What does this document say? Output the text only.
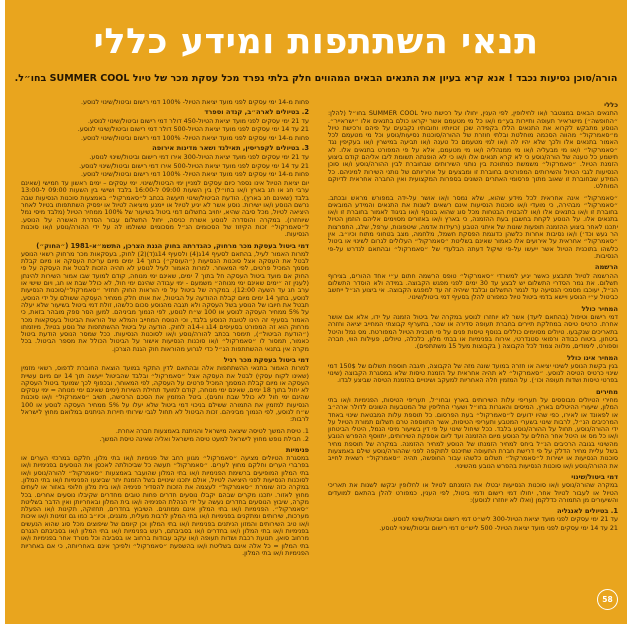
תנאי השתתפות ומידע כללי
הורה/סוכן נסיעות נכבד ! אנא קרא בעיון את התנאים הבאים המהווים חלק בלתי נפרד מכל עסקת מכר של טיול SUMMER COOL בחו״ל.
כללי
התנאים הבאים במצטבר ו/או לחילופין, לפי הענין, יחולו על רכישת טיול SUMMER COOL בחו״ל (להלן: ״החופשה״) מישראייר תעופה ותיירות בע״מ ו/או כל מי מטעמם אשר יקראו כולם בתנאים אלו ״ישראייר״. הנוסע מתבקש לקרוא את התנאים הללו בקפידה שכן זכויותיו וחובותיו נקבעים על פיהם ורכישת טיול מ״סאמרקול״ מהווה הסכמה מוחלטת ובלתי חוזרת של ההורה/סוכנות נסיעות/נוסע וכל מי מטעמם לכל האמור בתנאים אלו ולכך שלא יהיו לה ו/או למי מטעמם כל טענה ו/או תביעה במישרין ו/או בעקיפין נגד ״סאמרקול״ ו/או מי מבעליה ו/או מי ממנהליה ו/או מי מטעמם, אלא על פי המפורט בתנאים אלו. לא תישמע כל טענה של הורה/נוסע כי לא קרא תנאים אלו ו/או כי לא הופנתה תשומת ליבו אליהם קודם ביצוע הזמנת הטיול. ״סאמרקול״ משמשת כמתווכת בין נותני השירותים שבחוברת לבין ההורה/נוסע ו/או סוכן הנסיעות לגבי הטיול והשירותים המפורטים בחוברת זו ומבצעים על אחריותם של נותני השירות למיניהם. כל המידע שבחוברת זו שאוב מתוך פרסומי האתרים השונים בספרות המקצועית ואין החברה אחראית לדיוקם המוחלט.
״סאמרקול״ אינה אחראית לכל מידע שהוא, שלא נמסר ו/או אושר על-ידה במפורש מראש ובכתב. ״סאמרקול״ מבהירה, כי מועדי ו/או סוכנות הנסיעות אינם רשאים לשנות את התנאים והמידע המובאים בחוברת זו ו/או בתנאים אלו ו/או להבטיח הבטחות מכל סוג שהוא בנוסף ו/או בניגוד לאמור בחוברת זו ו/או בתנאים אלו. על הנוסע לקחת בחשבון בעת ההזמנה, כי בארץ ו/או באזורים מסוימים אליהם הוזמן הטיול יתכנו לאחר ביצוע ההזמנה תופעות שונות של איתני הטבע (רעידות אדמה, שיטפונות, ערפל, שלג, התפרצות הר געש וכד׳) ו/או נסיבות אחרות כלשהן כדוגמת הפסקת חשמל, מלחמה, מצב בטחוני מתוח וכיו״ב. אין ״סאמרקול״ אחראית על אירועים אלו כאמור שאינם בשליטת ״סאמרקול״ העלולים לגרום לשינוי או ביטול כלשהו בתוכנית הטיול אשר ייעשו על-פי שיקול דעתה הבלעדי של ״סאמרקול״ ובהתאם לנדרש על-פי הנסיבות.
הרשמה
ההרשמה לטיול תתבצע כאשר יגיע למשרדי ״סאמרקול״ טופס הרשמה חתום ע״י אחד ההורים, בצירוף תשלום. את גמר הסדרי התשלום יש לבצע עד 30 ימים לפני מפגש הקבוצה. במידה ולא הוסדר התשלום הנ״ל, יעוכבו מסמכי הנסיעה עד לגמר התשלום ובלבד שיהיה זה עד למפגש הקבוצה. אי ביצוע הנ״ל ייחשב כביטול ע״י הנוסע ויישא בדמי ביטול טיול כמפורט להלן בסעיף דמי ביטול/שינוי.
המחיר כולל
דמי רישום וטיפול (בהתאם ליעד) אשר לא יוחזרו לנוסע במקרה של ביטול הזמנה על ידו, אלא אם אושר אחרת. כרטיס טיסה במחלקת תיירים בחברת תעופה סדירה או שכר, בתעריף קבוצתי המחייב יציאה וחזרה בתאריכים שנקבעו. טיולים מסוימים כוללים בנוסף טיסות פנים על פי תוכנית הטיול המפורטת. מס נמל והיטל ביטחון, ביטוח כבודה ורפואי סטנדרטי, אירוח בפנימיות או בבתי מלון, כלכלה, טיולים, פעילות הווי, חברה וספורט, לימודים, מלווה צמוד לכל הקבוצה ( בקבוצות מעל 15 משתתפים).
המחיר אינו כולל
בגין בקשת הנוסע לשינוי יציאה או חזרה במועד שונה מזה של הקבוצה, תיגבה תוספת תשלום של 150$ דמי שינוי כרטיס הטיסה לנוסע. ״סאמרקול״ לא תהיה אחראית על הזמנת טיסות שלא במסגרת הקבוצה (שינוי בפרטי טיסות ושדות תעופה וכו׳). על המזמין חלה האחריות למעקב ושינויים בהזמנת הטיסה שביצע לבדו.
מחירים
מחירי הטיולים מבוססים על תעריפי עלות השירותים בארץ ובחו״ל, תעריפי הטיסות, הפנימיות ו/או בתי המלון, שיעורי ההיטלים בארץ, המיסים והאגרות בחו״ל ושערי החליפין של המטבעות השונים לדולר ארה״ב או לפאונד או לאירו, כפי שהיו ידועים ל״סאמרקול״ בעת הפרסום. כל תוספת עלות המבטאת שינוי באחד המרכיבים הנ״ל, לרבות שינוי בשערי המטבע ותעריפי הטיסות, אשר התווספה טרם תשלום תמורת הטיול על ידי ההורה/נוסע, תחול על ההורה/נוסע בלבד. ככל שיחול שינוי על פי דין בשיעור מיסי הנמל, היטלי הביטחון ו/או כל מס או היטל אחר החלים על הנוסע מיום ההזמנה ועד ליום אספקת השירותים, יתווסף ההפרש הנובע מהשינוי בגובה הרכיבים הנ״ל ביחס למחיר הזמנתו של הנוסע למחיר ההזמנה. במקרה של תוספת מחיר בשל עליית מחיר הדלק על פי דרישת חברת התעופה שתיכנס לתוקפה לפני שההורה/נוסע שילם באמצעות סוכנות הנסיעות או ישירות ל״סאמרקול״ תשלום כלשהו עבור החופשה, תהיה ״סאמרקול״ רשאית לחייב את ההורה/נוסע ו/או סוכנות הנסיעות בהפרש הנובע מהשינוי.
דמי ביטול/שינוי
במקרה שהורה/נוסע ו/או סוכנות הנסיעות יבטלו את הזמנתם לטיול או לחלופין יבקשו לשנות את תאריכי הטיול או לעבור לטיול אחר, יחולו דמי רישום ודמי ביטול, לפי הענין, כמפורט להלן בהתאם למועדים והשיעורים מן התמורה כדלקמן (ואלו לא יוחזרו לנוסע):
1. בטיולים לאנגליה
עד 21 ימי עסקים לפני מועד יציאת הטיול-300 ליש״ט דמי רישום וביטול/שינוי לנוסע.
21 עד 14 ימי עסקים לפני מועד יציאת הטיול- 500 ליש״ט דמי רישום וביטול/שינוי לנוסע.
פחות מ-14 ימי עסקים לפני מועד יציאת הטיול- 100% דמי רישום וביטול/שינוי לנוסע.
2. בטיולים לארה״ב, קנדה וספרד
עד 21 ימי עסקים לפני מועד יציאת הטיול-450 דולר דמי רישום וביטול/שינוי לנוסע.
21 עד 14 ימי עסקים לפני מועד יציאת הטיול-500 דולר דמי רישום וביטול/שינוי לנוסע.
פחות מ-14 ימי עסקים לפני מועד יציאת הטיול- 100% דמי רישום וביטול/שינוי לנוסע.
3. בטיולים לקפריסין, תאילנד ושאר מדינות אירופה
עד 21 ימי עסקים לפני מועד יציאת הטיול-300 אירו דמי רישום וביטול/שינוי לנוסע.
21 עד 14 ימי עסקים לפני מועד יציאת הטיול-500 אירו דמי רישום וביטול/שינוי לנוסע.
פחות מ-14 ימי עסקים לפני מועד יציאת הטיול- 100% דמי רישום וביטול/שינוי לנוסע.
יום יציאת הטיול אינו נספר כיום עסקים למניין ימי הביטול/שינוי. ימי עסקים – ימים ראשון עד חמישי (שאינם ערבי חג או חג בארץ ו/או בחו״ל) בין השעות 09:00 ל-16:00 בלבד ושישי בין השעות 09:00 ל-13:00 בלבד (שאינם חג בארץ). הודעת הביטול/שינוי תיעשה בכתב ל״סאמרקול״ באמצעות סוכנות הנסיעות שבה נרשם הנוסע ו/או ישירות. נוסע אשר לא יגיע לטיול או יימנע מיציאה לטיול או יפסיק השתתפותו בטיול לאחר היציאה לטיול, מכל סיבה שהיא, יחויב בתשלום דמי ביטול בשיעור של 100% ממחיר הטיול (מלבד מיסי נמל שיוחזרו). במקרה והוסדרה לנוסע אשרת כניסה, יחול התשלום עבור הסדרת האשרה על הנוסע. ל״סאמרקול״ זכות הקיזוז של הסכומים הנ״ל מסכומים ששולמו לה על ידי ההורה/נוסע ו/או סוכנות הנסיעות.
דמי ביטול בעסקת מכר מרחוק, כהגדרתה בחוק הגנת הצרכן, התשמ״א-1981 (״החוק״)
למרות האמור לעיל, בהתאם לסעיף 14ג(4) ולסעיף 14ג(ד)(2) לחוק, בעסקאות מכר מרחוק רשאי הנוסע לבטל את העסקה אצל סוכנות הנסיעות (״העוסק״) בתוך 14 ימים מיום עריכת העסקה או מיום קבלת מסמך המכיל פרטים, לפי המאוחר. למרות האמור לעיל לנוסע לא תהיה הזכות לבטל את העסקה על פי החוק אם מועד ביטול העסקה חל בתוך 7 ימים, שאינם ימי מנוחה, קודם למועד שבו אמור השירות להינתן (לענין זה ״ימים שאינם ימי מנוחה״ משמעם - ימי עבודה שהינם ימי חול, לא כולל שבת או חג, ויום שישי או ערב חג עד השעה 12:00). במקרה של ביטול על פי הוראות החוק תחזיר ״סאמרקול״/סוכנות הנסיעות לנוסע, בתוך 14 ימים מיום קבלת ההודעה על הביטול, את אותו חלק ממחיר העסקה ששולם על ידי הנוסע, תבטל את חיובו של הנוסע בשל העסקה ולא תגבה מהנוסע סכום כלשהו, זולת דמי ביטול בשיעור שלא יעלה על 5% ממחיר העסקה לנוסע או 100 ש״ח לנוסע, לפי הנמוך מביניהם. למען הסר ספק מובהר בזאת, כי האמור בסעיף זה הינו לטובת הנוסע בלבד, וכי הנוסח המחייב והמלא של הוראות הביטול בעסקאות מכר מרחוק הוא זה המפורט בסעיפים 14ג ו-14ה לחוק. הודעה על ביטול ההשתתפות של נוסע בטיול, מיוזמתו (״הודעת הביטול״), תימסר בכתב להורה/נוסע ו/או לסוכנות הנסיעות. ככל שמסר הנוסע הודעת ביטול כאמור, תמסור לו ״סאמרקול״ ו/או סוכנות הנסיעות אישור על הביטול הכולל את מספר הביטול. בכל מקרה אין בתנאי ההשתתפות הנ״ל כדי לגרוע מהוראות חוק הגנת הצרכן.
דמי ביטול בעסקת מכר רגיל
למרות האמור בתנאי ההשתתפות אלה ובהתאם לדין התקף במועד הוצאת החוברת לדפוס, רשאי מזמין (שאינו לקוח עסקי) לבטל את העסקה אצל ״סאמרקול״ ובלבד שהביטול ייעשה תוך 14 יום מיום עשיית העסקה או מיום קבלת המסמך המכיל פרטים על העסקה, לפי המאוחר, ובכפוף לכך שמועד ביטול העסקה לא יחול בתוך 18 ימים, שאינם ימי מנוחה, קודם למועד תחילת השירות (ימים שאינם ימי מנוחה = ימי עסקים שהינם ימי חול לא כולל שבת וחגים). ביטל המזמין את הסכם הרכישה, תשיב ״סאמרקול״ ו/או סוכנות הנסיעות למזמין את התמורה ששילם בניכוי דמי ביטול שלא יעלו על 5% ממחיר העסקה לנוסע או 100 ש״ח לנוסע, לפי הנמוך מביניהם. זכות הביטול לא תחול לגבי שירותי תיירות הניתנים במלואם מחוץ לישראל לרבות:
1. טיסת המשך לטיסה שיצאה מישראל והניתנת באמצעות חברה אחרת.
2. חבילת נופש מחוץ לישראל למעט טיסה מישראל ואליה שאינה טיסת המשך.
פנימיות
במסגרת הטיולים מציעה ״סאמרקול״ מגוון רחב של פנימיות ו/או בתי מלון, חלקם במרכזי הערים או בפרברי הערים וחלקם מחוץ לערים. ״סאמרקול״ תעשה כל שביכולתה לאכסן את הנוסעים בפנימיות ו/או בתי המלון המופיעים ברשימת הפנימיות ו/או בתי המלון שהועבר באמצעות ״סאמרקול״ להורה/נוסע ו/או לסוכנות הנסיעות לפני היציאה לטיול, אולם יתכנו שינויים בשל הזמנת יתר שביצעו הפנימיות ו/או בתי המלון. במקרה כזה שומרת ״סאמרקול״ לעצמה את הזכות להסדיר פנימיה ו/או בית מלון חלופי באזור או לעתים מחוץ לאזור. יתכנו מקרים שבהם יקבלו נוסעים חדרים פחות טובים מחדרים שקיבלו נוסעים אחרים. בכל מקרה, שיבוץ הנוסעים בחדרים נעשה על ידי הנהלת הפנימיה ו/או בית המלון ובאחריותן ואין הדבר בשליטת ״סאמרקול״. הפנימיות ו/או בתי המלון אינם ממוזגים. השיבוץ בחדרים, תחזוקה, תקינות ו/או הפעלת מערכות, שירותים ומתקנים בפנימיות ו/או בתי המלון לרבות מעלית, מזגנים, וכיו״ב כמו גם זמינות ו/או איכות ו/או טיב השירותים והמזון הניתנים בפנימיות ו/או בתי המלון וכן קיומם של שיפוצים מכל סוג שהוא הנעשים בפנימיות ו/או בתי המלון ו/או בחדרים ו/או בסביבתם, רעש בפנימיות ו/או בתי המלון ו/או בסביבתם הנגרם מרחוב סואן, תנועת רכבת ושדות תעופה ו/או עקב עבודות ברחוב או בסביבה וכל מטרד אחר בפנימיות ו/או בתי המלון = כל אלה אינם בשליטת ו/או בהשפעת ״סאמרקול״ ולפיכך אינם באחריותה, כי אם באחריות הפנימיות ו/או בתי המלון.
58
